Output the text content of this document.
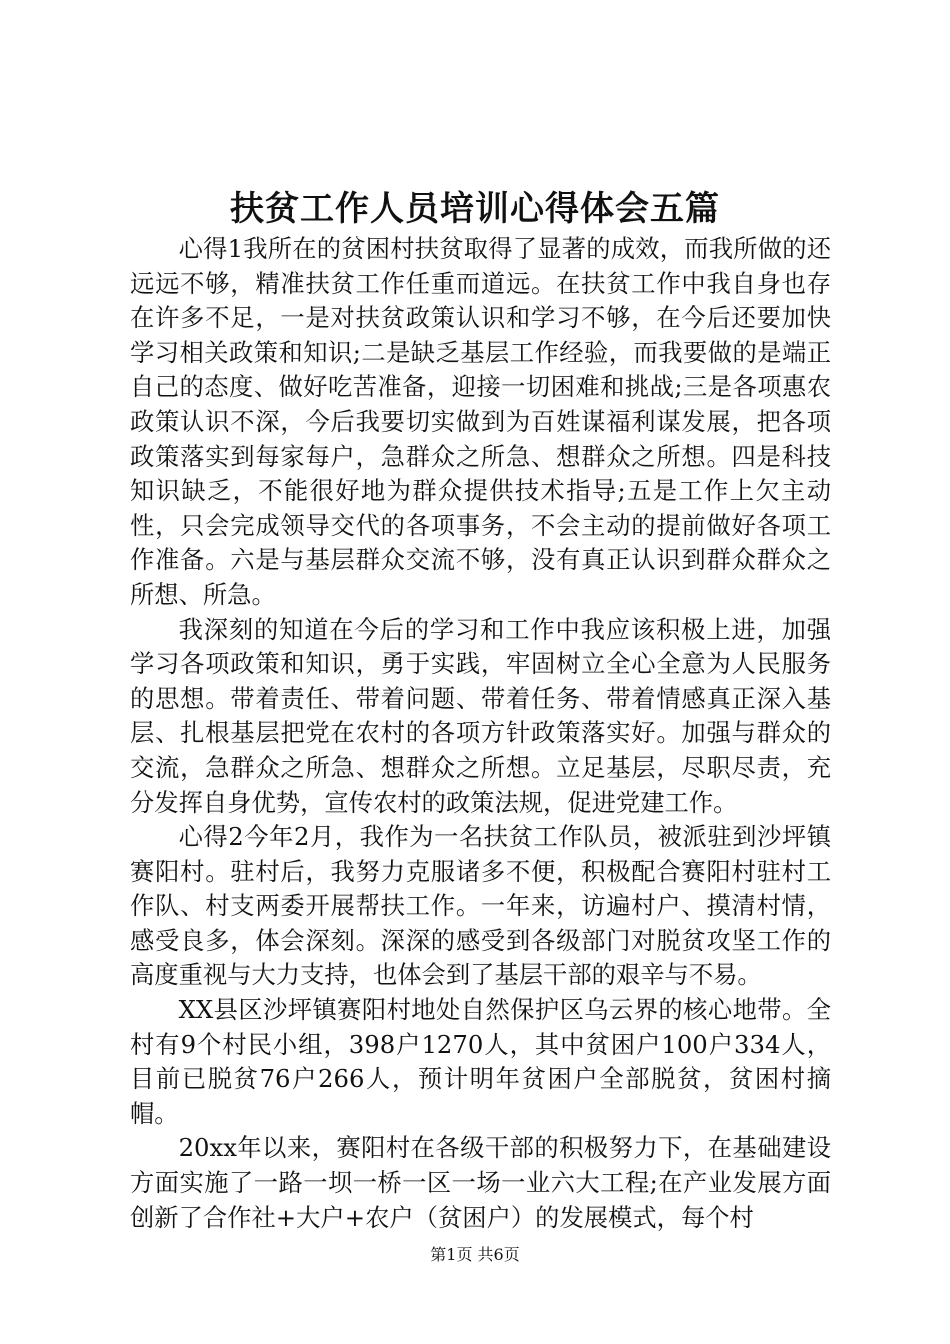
扶贫工作人员培训心得体会五篇

心得1我所在的贫困村扶贫取得了显著的成效，而我所做的还远远不够，精准扶贫工作任重而道远。在扶贫工作中我自身也存在许多不足，一是对扶贫政策认识和学习不够，在今后还要加快学习相关政策和知识;二是缺乏基层工作经验，而我要做的是端正自己的态度、做好吃苦准备，迎接一切困难和挑战;三是各项惠农政策认识不深，今后我要切实做到为百姓谋福利谋发展，把各项政策落实到每家每户，急群众之所急、想群众之所想。四是科技知识缺乏，不能很好地为群众提供技术指导;五是工作上欠主动性，只会完成领导交代的各项事务，不会主动的提前做好各项工作准备。六是与基层群众交流不够，没有真正认识到群众群众之所想、所急。

我深刻的知道在今后的学习和工作中我应该积极上进，加强学习各项政策和知识，勇于实践，牢固树立全心全意为人民服务的思想。带着责任、带着问题、带着任务、带着情感真正深入基层、扎根基层把党在农村的各项方针政策落实好。加强与群众的交流，急群众之所急、想群众之所想。立足基层，尽职尽责，充分发挥自身优势，宣传农村的政策法规，促进党建工作。

心得2今年2月，我作为一名扶贫工作队员，被派驻到沙坪镇赛阳村。驻村后，我努力克服诸多不便，积极配合赛阳村驻村工作队、村支两委开展帮扶工作。一年来，访遍村户、摸清村情，感受良多，体会深刻。深深的感受到各级部门对脱贫攻坚工作的高度重视与大力支持，也体会到了基层干部的艰辛与不易。

XX县区沙坪镇赛阳村地处自然保护区乌云界的核心地带。全村有9个村民小组，398户1270人，其中贫困户100户334人，目前已脱贫76户266人，预计明年贫困户全部脱贫，贫困村摘帽。

20xx年以来，赛阳村在各级干部的积极努力下，在基础建设方面实施了一路一坝一桥一区一场一业六大工程;在产业发展方面创新了合作社+大户+农户（贫困户）的发展模式，每个村

第1页 共6页
